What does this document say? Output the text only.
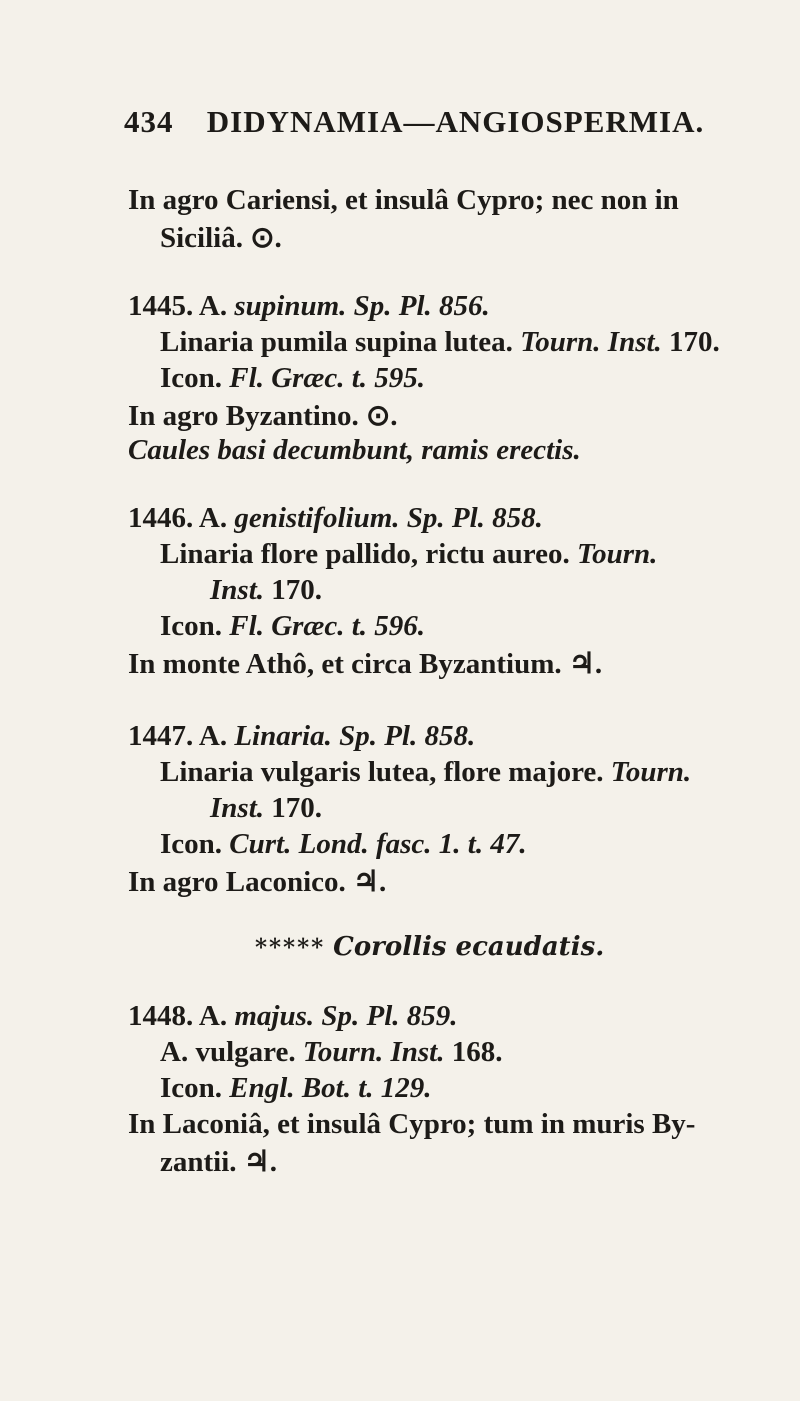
434 DIDYNAMIA—ANGIOSPERMIA.
In agro Cariensi, et insulâ Cypro; nec non in
Siciliâ. ⊙.
1445. A. supinum. Sp. Pl. 856.
Linaria pumila supina lutea. Tourn. Inst. 170.
Icon. Fl. Græc. t. 595.
In agro Byzantino. ⊙.
Caules basi decumbunt, ramis erectis.
1446. A. genistifolium. Sp. Pl. 858.
Linaria flore pallido, rictu aureo. Tourn.
Inst. 170.
Icon. Fl. Græc. t. 596.
In monte Athô, et circa Byzantium. ♃.
1447. A. Linaria. Sp. Pl. 858.
Linaria vulgaris lutea, flore majore. Tourn.
Inst. 170.
Icon. Curt. Lond. fasc. 1. t. 47.
In agro Laconico. ♃.
***** Corollis ecaudatis.
1448. A. majus. Sp. Pl. 859.
A. vulgare. Tourn. Inst. 168.
Icon. Engl. Bot. t. 129.
In Laconiâ, et insulâ Cypro; tum in muris By-
zantii. ♃.
